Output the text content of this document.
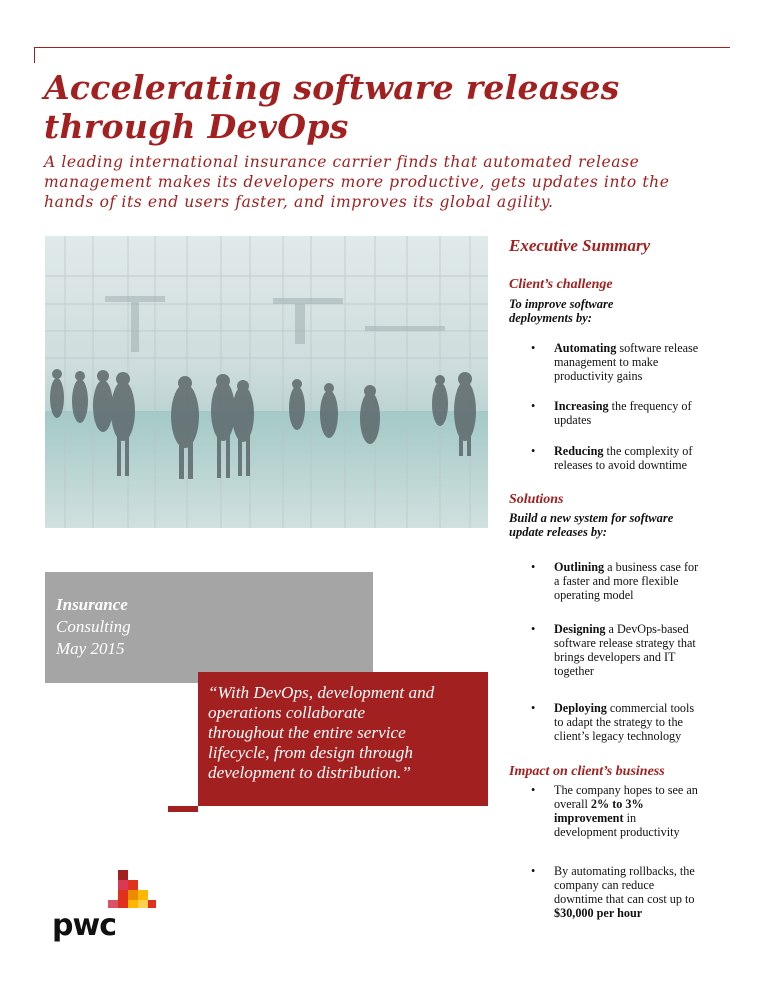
Accelerating software releases
through DevOps

A leading international insurance carrier finds that automated release
management makes its developers more productive, gets updates into the
hands of its end users faster, and improves its global agility.

Insurance
Consulting
May 2015
“With DevOps, development and
operations collaborate
throughout the entire service
lifecycle, from design through
development to distribution.”
pwc
Executive Summary
Client’s challenge

To improve software
deployments by:

• Automating software release
management to make
productivity gains
• Increasing the frequency of
updates
• Reducing the complexity of
releases to avoid downtime
Solutions

Build a new system for software
update releases by:

• Outlining a business case for
a faster and more flexible
operating model
• Designing a DevOps-based
software release strategy that
brings developers and IT
together
• Deploying commercial tools
to adapt the strategy to the
client’s legacy technology
Impact on client’s business
• The company hopes to see an
overall 2% to 3%
improvement in
development productivity
• By automating rollbacks, the
company can reduce
downtime that can cost up to
$30,000 per hour
